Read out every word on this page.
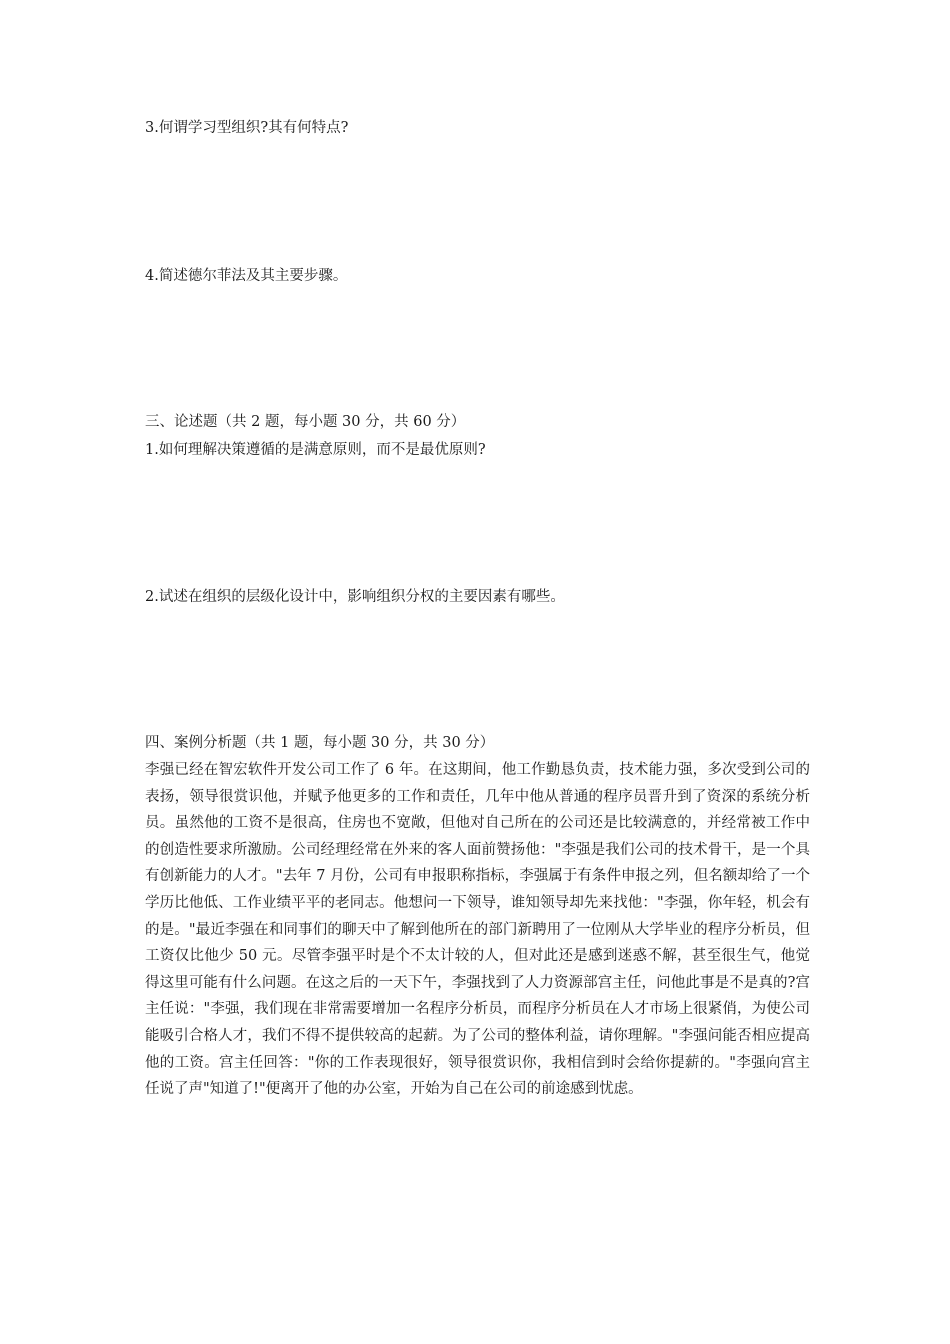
3.何谓学习型组织?其有何特点?
4.简述德尔菲法及其主要步骤。
三、论述题（共 2 题，每小题 30 分，共 60 分）
1.如何理解决策遵循的是满意原则，而不是最优原则?
2.试述在组织的层级化设计中，影响组织分权的主要因素有哪些。
四、案例分析题（共 1 题，每小题 30 分，共 30 分）

李强已经在智宏软件开发公司工作了 6 年。在这期间，他工作勤恳负责，技术能力强，多次受到公司的表扬，领导很赏识他，并赋予他更多的工作和责任，几年中他从普通的程序员晋升到了资深的系统分析员。虽然他的工资不是很高，住房也不宽敞，但他对自己所在的公司还是比较满意的，并经常被工作中的创造性要求所激励。公司经理经常在外来的客人面前赞扬他："李强是我们公司的技术骨干，是一个具有创新能力的人才。"去年 7 月份，公司有申报职称指标，李强属于有条件申报之列，但名额却给了一个学历比他低、工作业绩平平的老同志。他想问一下领导，谁知领导却先来找他："李强，你年轻，机会有的是。"最近李强在和同事们的聊天中了解到他所在的部门新聘用了一位刚从大学毕业的程序分析员，但工资仅比他少 50 元。尽管李强平时是个不太计较的人，但对此还是感到迷惑不解，甚至很生气，他觉得这里可能有什么问题。在这之后的一天下午，李强找到了人力资源部宫主任，问他此事是不是真的?宫主任说："李强，我们现在非常需要增加一名程序分析员，而程序分析员在人才市场上很紧俏，为使公司能吸引合格人才，我们不得不提供较高的起薪。为了公司的整体利益，请你理解。"李强问能否相应提高他的工资。宫主任回答："你的工作表现很好，领导很赏识你，我相信到时会给你提薪的。"李强向宫主任说了声"知道了!"便离开了他的办公室，开始为自己在公司的前途感到忧虑。
